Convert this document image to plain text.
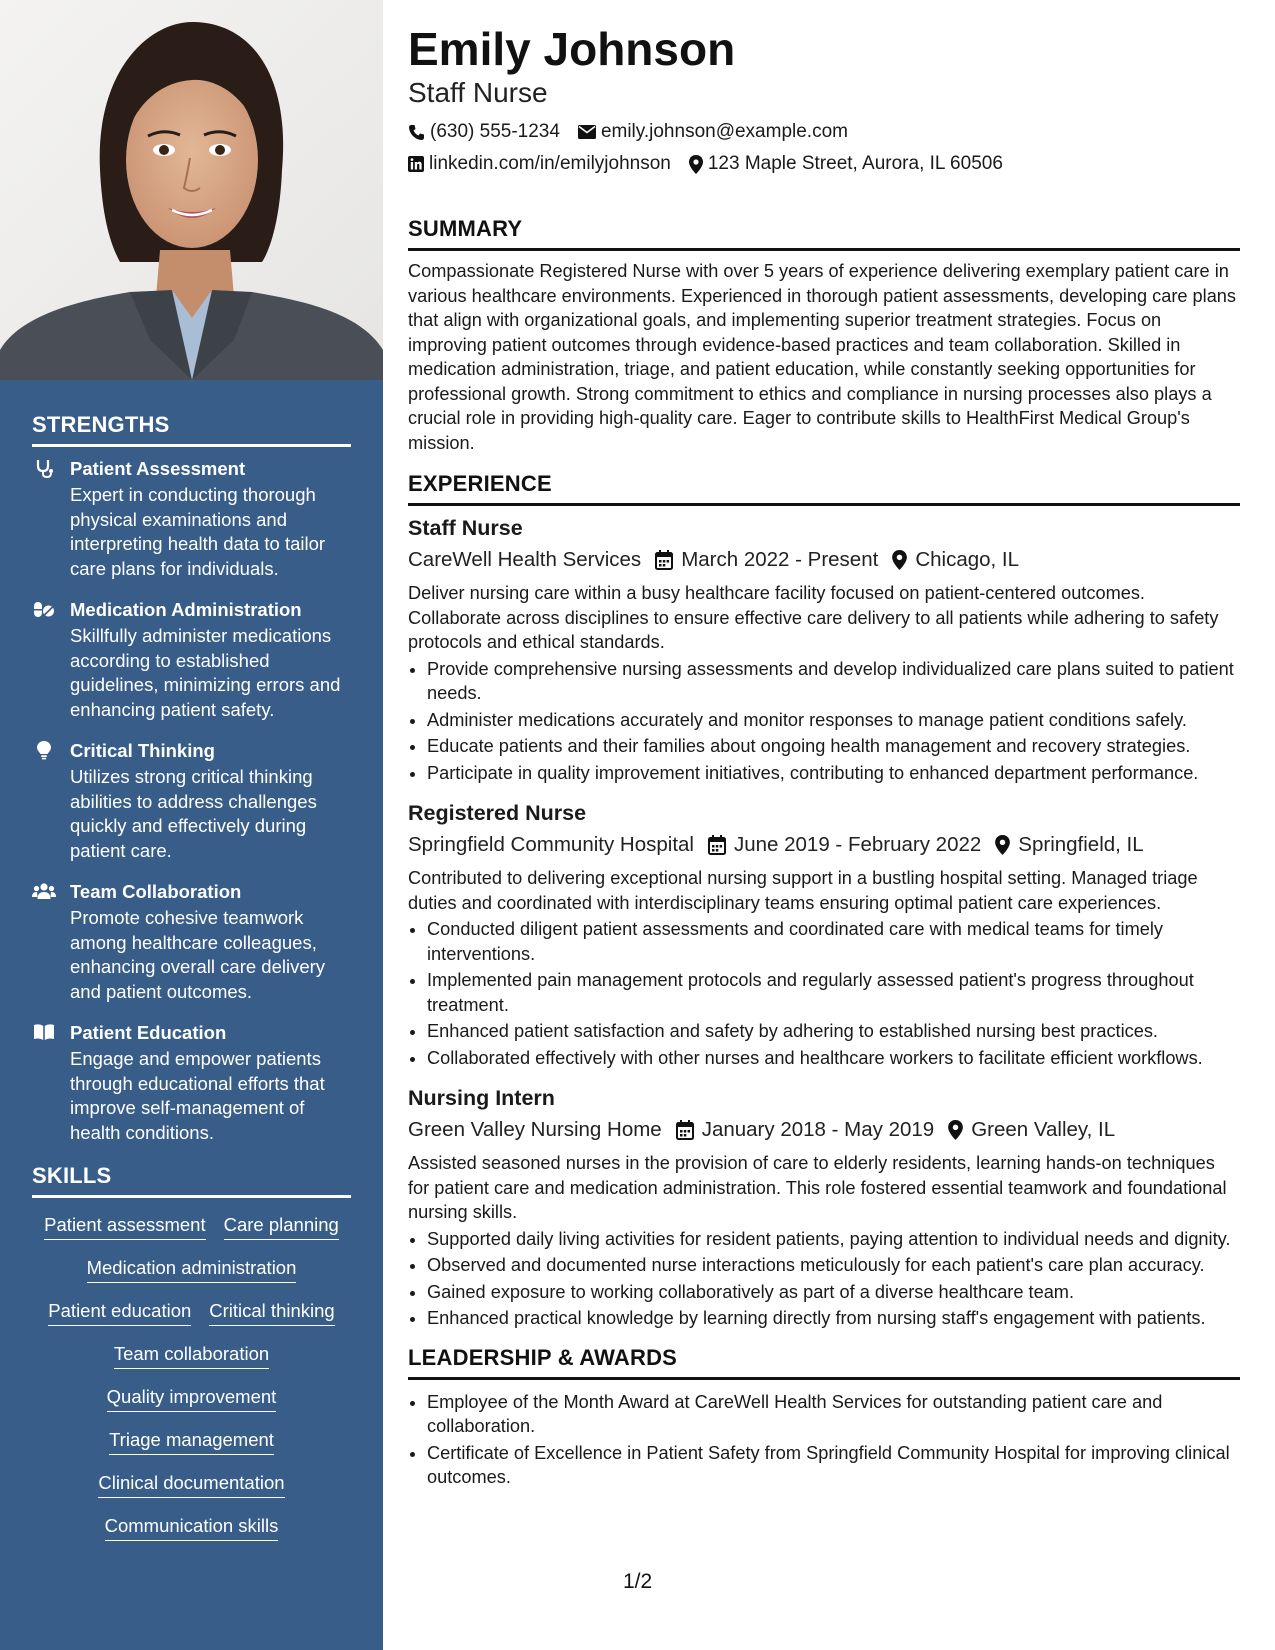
STRENGTHS
Patient Assessment
Expert in conducting thorough physical examinations and interpreting health data to tailor care plans for individuals.
Medication Administration
Skillfully administer medications according to established guidelines, minimizing errors and enhancing patient safety.
Critical Thinking
Utilizes strong critical thinking abilities to address challenges quickly and effectively during patient care.
Team Collaboration
Promote cohesive teamwork among healthcare colleagues, enhancing overall care delivery and patient outcomes.
Patient Education
Engage and empower patients through educational efforts that improve self-management of health conditions.
SKILLS
Patient assessment Care planning
Medication administration
Patient education Critical thinking
Team collaboration
Quality improvement
Triage management
Clinical documentation
Communication skills
Emily Johnson
Staff Nurse
(630) 555-1234 emily.johnson@example.com
linkedin.com/in/emilyjohnson 123 Maple Street, Aurora, IL 60506
SUMMARY

Compassionate Registered Nurse with over 5 years of experience delivering exemplary patient care in various healthcare environments. Experienced in thorough patient assessments, developing care plans that align with organizational goals, and implementing superior treatment strategies. Focus on improving patient outcomes through evidence-based practices and team collaboration. Skilled in medication administration, triage, and patient education, while constantly seeking opportunities for professional growth. Strong commitment to ethics and compliance in nursing processes also plays a crucial role in providing high-quality care. Eager to contribute skills to HealthFirst Medical Group's mission.

EXPERIENCE
Staff Nurse
CareWell Health Services March 2022 - Present Chicago, IL

Deliver nursing care within a busy healthcare facility focused on patient-centered outcomes. Collaborate across disciplines to ensure effective care delivery to all patients while adhering to safety protocols and ethical standards.

• Provide comprehensive nursing assessments and develop individualized care plans suited to patient needs.
• Administer medications accurately and monitor responses to manage patient conditions safely.
• Educate patients and their families about ongoing health management and recovery strategies.
• Participate in quality improvement initiatives, contributing to enhanced department performance.
Registered Nurse
Springfield Community Hospital June 2019 - February 2022 Springfield, IL

Contributed to delivering exceptional nursing support in a bustling hospital setting. Managed triage duties and coordinated with interdisciplinary teams ensuring optimal patient care experiences.

• Conducted diligent patient assessments and coordinated care with medical teams for timely interventions.
• Implemented pain management protocols and regularly assessed patient's progress throughout treatment.
• Enhanced patient satisfaction and safety by adhering to established nursing best practices.
• Collaborated effectively with other nurses and healthcare workers to facilitate efficient workflows.
Nursing Intern
Green Valley Nursing Home January 2018 - May 2019 Green Valley, IL

Assisted seasoned nurses in the provision of care to elderly residents, learning hands-on techniques for patient care and medication administration. This role fostered essential teamwork and foundational nursing skills.

• Supported daily living activities for resident patients, paying attention to individual needs and dignity.
• Observed and documented nurse interactions meticulously for each patient's care plan accuracy.
• Gained exposure to working collaboratively as part of a diverse healthcare team.
• Enhanced practical knowledge by learning directly from nursing staff's engagement with patients.
LEADERSHIP & AWARDS
• Employee of the Month Award at CareWell Health Services for outstanding patient care and collaboration.
• Certificate of Excellence in Patient Safety from Springfield Community Hospital for improving clinical outcomes.
1/2
